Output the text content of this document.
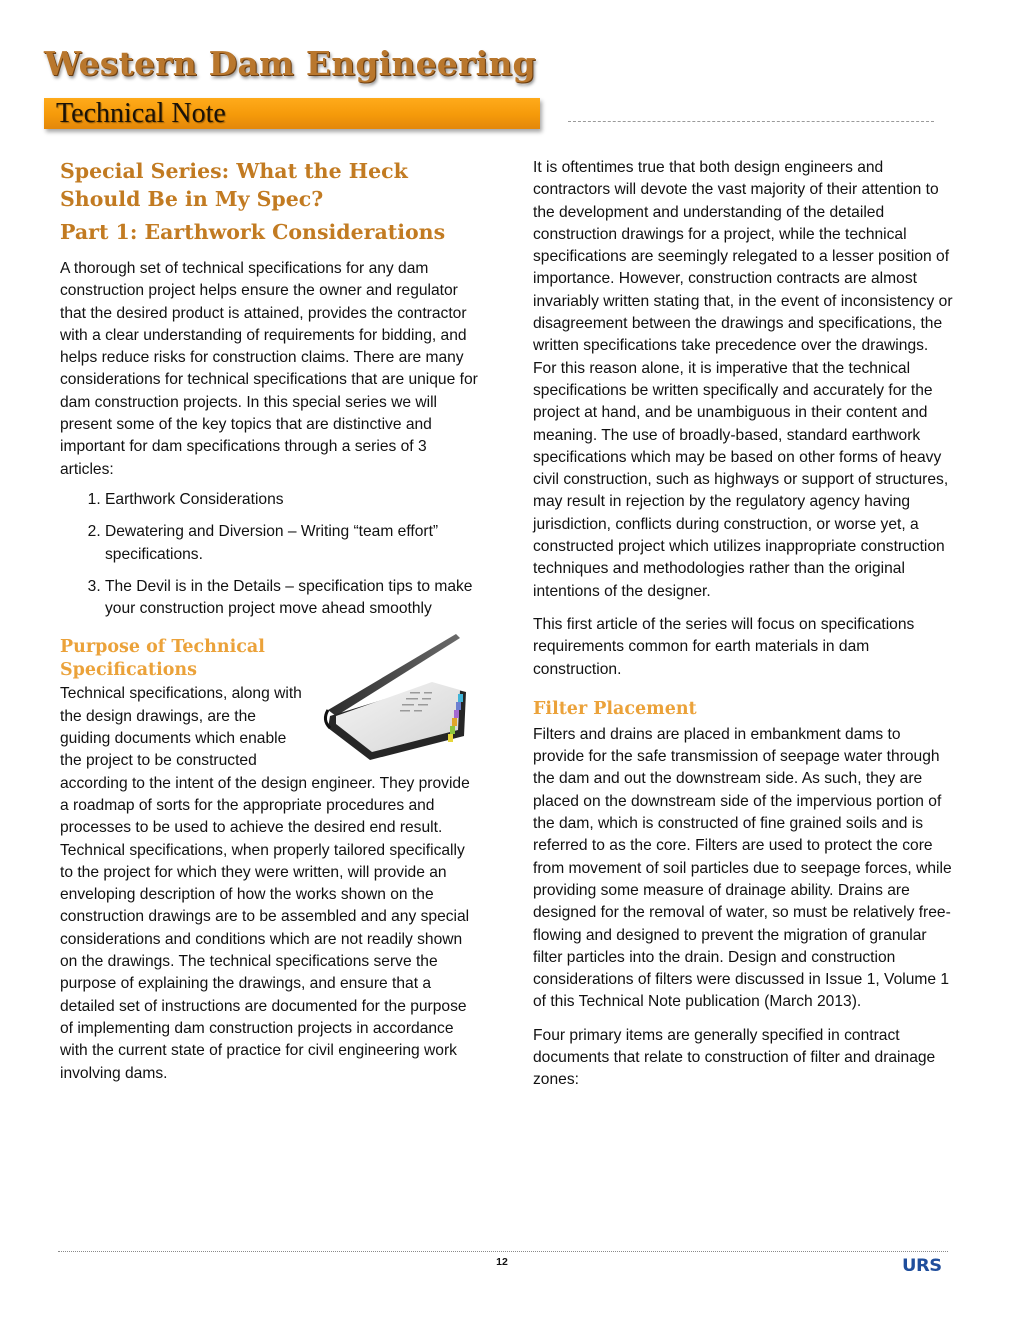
Western Dam Engineering
Technical Note
Special Series: What the Heck Should Be in My Spec?
Part 1: Earthwork Considerations

A thorough set of technical specifications for any dam construction project helps ensure the owner and regulator that the desired product is attained, provides the contractor with a clear understanding of requirements for bidding, and helps reduce risks for construction claims. There are many considerations for technical specifications that are unique for dam construction projects. In this special series we will present some of the key topics that are distinctive and important for dam specifications through a series of 3 articles:

1. Earthwork Considerations
2. Dewatering and Diversion – Writing “team effort” specifications.
3. The Devil is in the Details – specification tips to make your construction project move ahead smoothly
Purpose of Technical Specifications

Technical specifications, along with the design drawings, are the guiding documents which enable the project to be constructed according to the intent of the design engineer. They provide a roadmap of sorts for the appropriate procedures and processes to be used to achieve the desired end result. Technical specifications, when properly tailored specifically to the project for which they were written, will provide an enveloping description of how the works shown on the construction drawings are to be assembled and any special considerations and conditions which are not readily shown on the drawings. The technical specifications serve the purpose of explaining the drawings, and ensure that a detailed set of instructions are documented for the purpose of implementing dam construction projects in accordance with the current state of practice for civil engineering work involving dams.

It is oftentimes true that both design engineers and contractors will devote the vast majority of their attention to the development and understanding of the detailed construction drawings for a project, while the technical specifications are seemingly relegated to a lesser position of importance. However, construction contracts are almost invariably written stating that, in the event of inconsistency or disagreement between the drawings and specifications, the written specifications take precedence over the drawings. For this reason alone, it is imperative that the technical specifications be written specifically and accurately for the project at hand, and be unambiguous in their content and meaning. The use of broadly-based, standard earthwork specifications which may be based on other forms of heavy civil construction, such as highways or support of structures, may result in rejection by the regulatory agency having jurisdiction, conflicts during construction, or worse yet, a constructed project which utilizes inappropriate construction techniques and methodologies rather than the original intentions of the designer.

This first article of the series will focus on specifications requirements common for earth materials in dam construction.

Filter Placement

Filters and drains are placed in embankment dams to provide for the safe transmission of seepage water through the dam and out the downstream side. As such, they are placed on the downstream side of the impervious portion of the dam, which is constructed of fine grained soils and is referred to as the core. Filters are used to protect the core from movement of soil particles due to seepage forces, while providing some measure of drainage ability. Drains are designed for the removal of water, so must be relatively free-flowing and designed to prevent the migration of granular filter particles into the drain. Design and construction considerations of filters were discussed in Issue 1, Volume 1 of this Technical Note publication (March 2013).

Four primary items are generally specified in contract documents that relate to construction of filter and drainage zones:

12	URS
